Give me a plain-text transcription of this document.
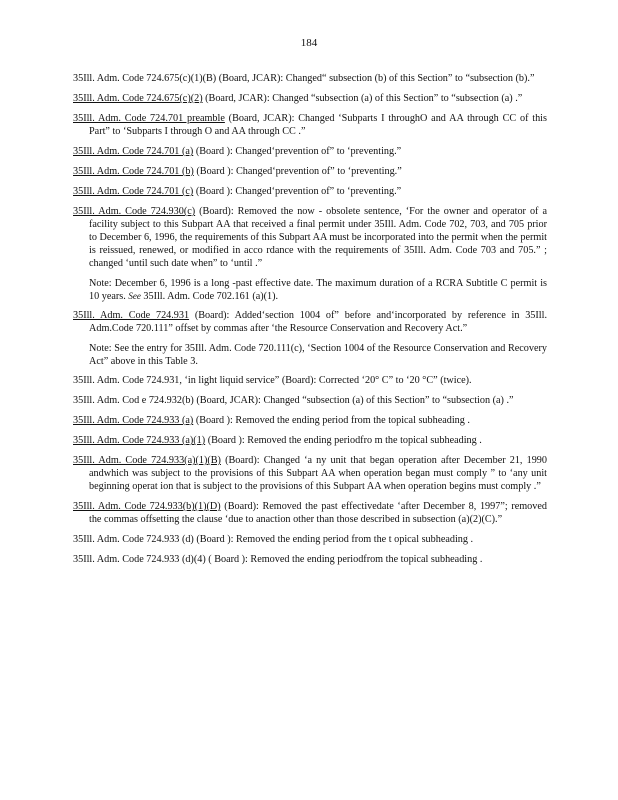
184
35Ill. Adm. Code 724.675(c)(1)(B) (Board, JCAR): Changed“ subsection (b) of this Section” to “subsection (b).”
35Ill. Adm. Code 724.675(c)(2) (Board, JCAR): Changed “subsection (a) of this Section” to “subsection (a) .”
35Ill. Adm. Code 724.701 preamble (Board, JCAR): Changed ‘Subparts I throughO and AA through CC of this Part” to ‘Subparts I through O and AA through CC .”
35Ill. Adm. Code 724.701 (a) (Board ): Changed‘prevention of” to ‘preventing.”
35Ill. Adm. Code 724.701 (b) (Board ): Changed‘prevention of” to ‘preventing.”
35Ill. Adm. Code 724.701 (c) (Board ): Changed‘prevention of” to ‘preventing.”
35Ill. Adm. Code 724.930(c) (Board): Removed the now - obsolete sentence, ‘For the owner and operator of a facility subject to this Subpart AA that received a final permit under 35Ill. Adm. Code 702, 703, and 705 prior to December 6, 1996, the requirements of this Subpart AA must be incorporated into the permit when the permit is reissued, renewed, or modified in acco rdance with the requirements of 35Ill. Adm. Code 703 and 705.” ; changed ‘until such date when” to ‘until .”
Note: December 6, 1996 is a long -past effective date. The maximum duration of a RCRA Subtitle C permit is 10 years. See 35Ill. Adm. Code 702.161 (a)(1).
35Ill. Adm. Code 724.931 (Board): Added‘section 1004 of” before and‘incorporated by reference in 35Ill. Adm.Code 720.111” offset by commas after ‘the Resource Conservation and Recovery Act.”
Note: See the entry for 35Ill. Adm. Code 720.111(c), ‘Section 1004 of the Resource Conservation and Recovery Act” above in this Table 3.
35Ill. Adm. Code 724.931, ‘in light liquid service” (Board): Corrected ‘20° C” to ‘20 °C” (twice).
35Ill. Adm. Cod e 724.932(b) (Board, JCAR): Changed “subsection (a) of this Section” to “subsection (a) .”
35Ill. Adm. Code 724.933 (a) (Board ): Removed the ending period from the topical subheading .
35Ill. Adm. Code 724.933 (a)(1) (Board ): Removed the ending periodfro m the topical subheading .
35Ill. Adm. Code 724.933(a)(1)(B) (Board): Changed ‘a ny unit that began operation after December 21, 1990 andwhich was subject to the provisions of this Subpart AA when operation began must comply ” to ‘any unit beginning operat ion that is subject to the provisions of this Subpart AA when operation begins must comply .”
35Ill. Adm. Code 724.933(b)(1)(D) (Board): Removed the past effectivedate ‘after December 8, 1997”; removed the commas offsetting the clause ‘due to anaction other than those described in subsection (a)(2)(C).”
35Ill. Adm. Code 724.933 (d) (Board ): Removed the ending period from the t opical subheading .
35Ill. Adm. Code 724.933 (d)(4) ( Board ): Removed the ending periodfrom the topical subheading .
